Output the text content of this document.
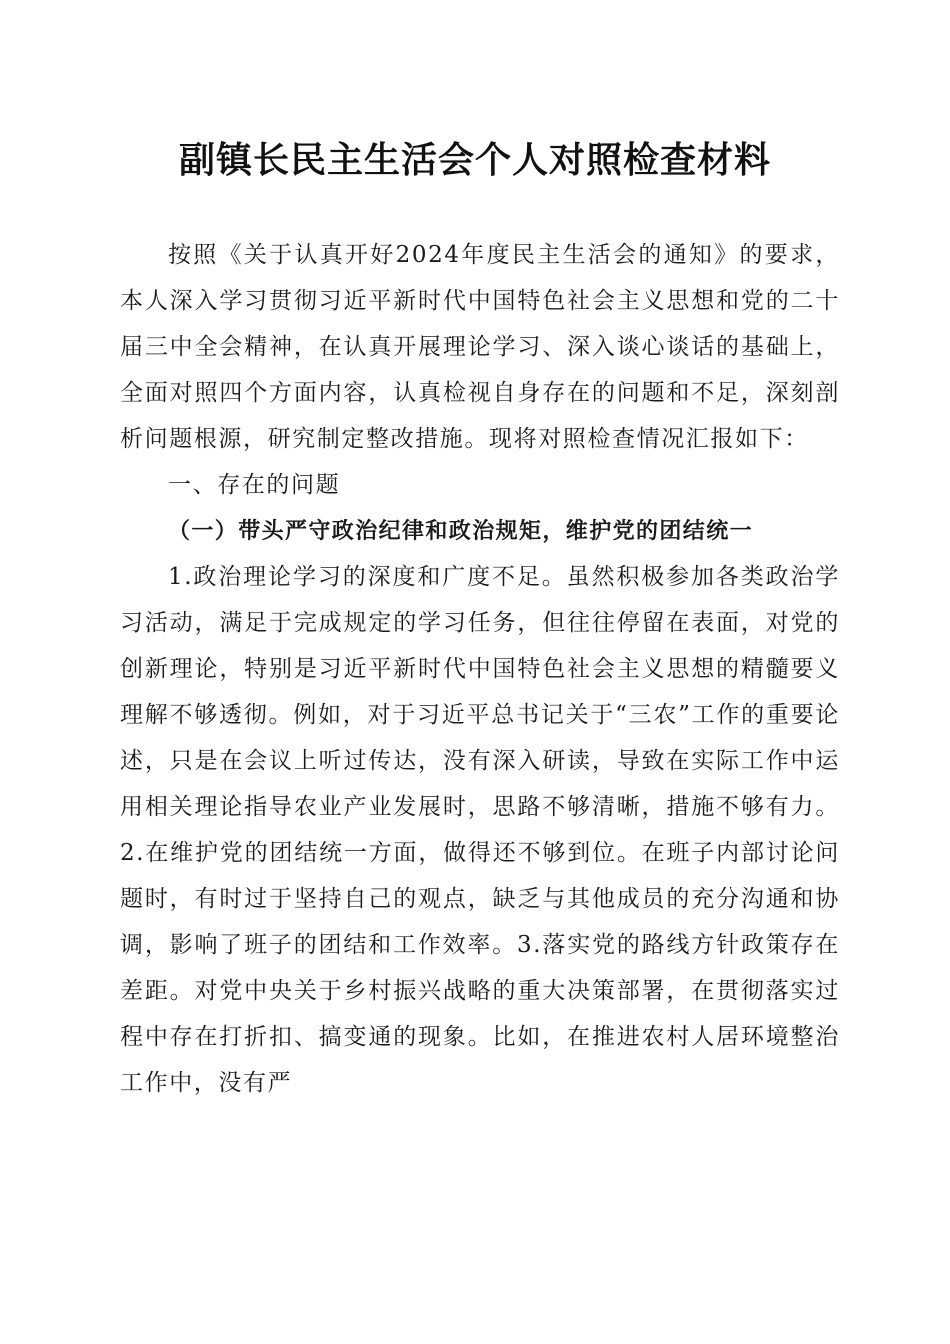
副镇长民主生活会个人对照检查材料

按照《关于认真开好2024年度民主生活会的通知》的要求，本人深入学习贯彻习近平新时代中国特色社会主义思想和党的二十届三中全会精神，在认真开展理论学习、深入谈心谈话的基础上，全面对照四个方面内容，认真检视自身存在的问题和不足，深刻剖析问题根源，研究制定整改措施。现将对照检查情况汇报如下：

一、存在的问题

（一）带头严守政治纪律和政治规矩，维护党的团结统一

1.政治理论学习的深度和广度不足。虽然积极参加各类政治学习活动，满足于完成规定的学习任务，但往往停留在表面，对党的创新理论，特别是习近平新时代中国特色社会主义思想的精髓要义理解不够透彻。例如，对于习近平总书记关于“三农”工作的重要论述，只是在会议上听过传达，没有深入研读，导致在实际工作中运用相关理论指导农业产业发展时，思路不够清晰，措施不够有力。2.在维护党的团结统一方面，做得还不够到位。在班子内部讨论问题时，有时过于坚持自己的观点，缺乏与其他成员的充分沟通和协调，影响了班子的团结和工作效率。3.落实党的路线方针政策存在差距。对党中央关于乡村振兴战略的重大决策部署，在贯彻落实过程中存在打折扣、搞变通的现象。比如，在推进农村人居环境整治工作中，没有严
